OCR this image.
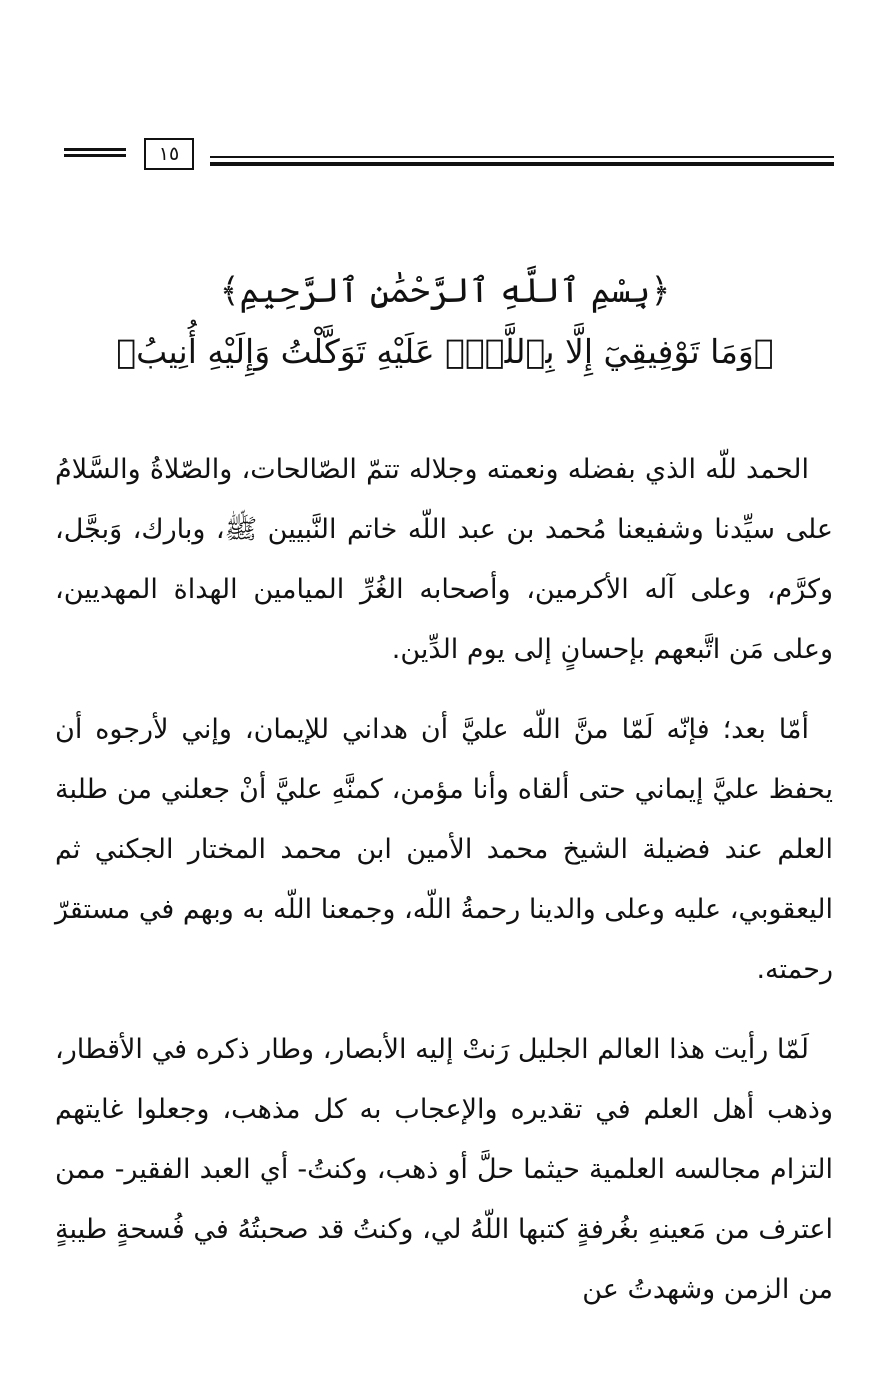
١٥
﴿بِسْمِ ٱللَّهِ ٱلرَّحْمَٰنِ ٱلرَّحِيمِ﴾
﴿وَمَا تَوْفِيقِيٓ إِلَّا بِٱللَّهِۚ عَلَيْهِ تَوَكَّلْتُ وَإِلَيْهِ أُنِيبُ﴾
الحمد للّه الذي بفضله ونعمته وجلاله تتمّ الصّالحات، والصّلاةُ والسَّلامُ على سيِّدنا وشفيعنا مُحمد بن عبد اللّه خاتم النَّبيين ﷺ، وبارك، وَبجَّل، وكرَّم، وعلى آله الأكرمين، وأصحابه الغُرِّ الميامين الهداة المهديين، وعلى مَن اتَّبعهم بإحسانٍ إلى يوم الدِّين.
أمّا بعد؛ فإنّه لَمّا منَّ اللّه عليَّ أن هداني للإيمان، وإني لأرجوه أن يحفظ عليَّ إيماني حتى ألقاه وأنا مؤمن، كمنَّهِ عليَّ أنْ جعلني من طلبة العلم عند فضيلة الشيخ محمد الأمين ابن محمد المختار الجكني ثم اليعقوبي، عليه وعلى والدينا رحمةُ اللّه، وجمعنا اللّه به وبهم في مستقرّ رحمته.
لَمّا رأيت هذا العالم الجليل رَنتْ إليه الأبصار، وطار ذكره في الأقطار، وذهب أهل العلم في تقديره والإعجاب به كل مذهب، وجعلوا غايتهم التزام مجالسه العلمية حيثما حلَّ أو ذهب، وكنتُ- أي العبد الفقير- ممن اعترف من مَعينهِ بغُرفةٍ كتبها اللّهُ لي، وكنتُ قد صحبتُهُ في فُسحةٍ طيبةٍ من الزمن وشهدتُ عن
